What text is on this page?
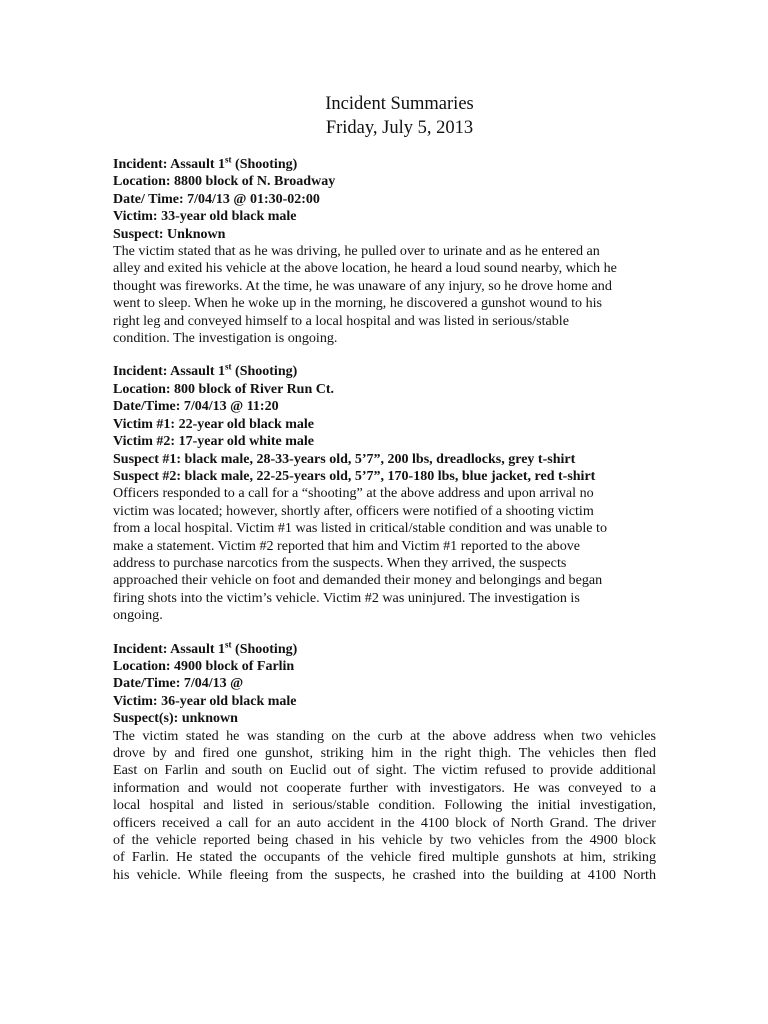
Incident Summaries

Friday, July 5, 2013

Incident: Assault 1st (Shooting)

Location: 8800 block of N. Broadway

Date/ Time: 7/04/13 @ 01:30-02:00

Victim: 33-year old black male

Suspect: Unknown

The victim stated that as he was driving, he pulled over to urinate and as he entered an
alley and exited his vehicle at the above location, he heard a loud sound nearby, which he
thought was fireworks. At the time, he was unaware of any injury, so he drove home and
went to sleep. When he woke up in the morning, he discovered a gunshot wound to his
right leg and conveyed himself to a local hospital and was listed in serious/stable
condition. The investigation is ongoing.

Incident: Assault 1st (Shooting)

Location: 800 block of River Run Ct.

Date/Time: 7/04/13 @ 11:20

Victim #1: 22-year old black male

Victim #2: 17-year old white male

Suspect #1: black male, 28-33-years old, 5’7”, 200 lbs, dreadlocks, grey t-shirt

Suspect #2: black male, 22-25-years old, 5’7”, 170-180 lbs, blue jacket, red t-shirt

Officers responded to a call for a “shooting” at the above address and upon arrival no
victim was located; however, shortly after, officers were notified of a shooting victim
from a local hospital. Victim #1 was listed in critical/stable condition and was unable to
make a statement. Victim #2 reported that him and Victim #1 reported to the above
address to purchase narcotics from the suspects. When they arrived, the suspects
approached their vehicle on foot and demanded their money and belongings and began
firing shots into the victim’s vehicle. Victim #2 was uninjured. The investigation is
ongoing.

Incident: Assault 1st (Shooting)

Location: 4900 block of Farlin

Date/Time: 7/04/13 @

Victim: 36-year old black male

Suspect(s): unknown

The victim stated he was standing on the curb at the above address when two vehicles
drove by and fired one gunshot, striking him in the right thigh. The vehicles then fled
East on Farlin and south on Euclid out of sight. The victim refused to provide additional
information and would not cooperate further with investigators. He was conveyed to a
local hospital and listed in serious/stable condition. Following the initial investigation,
officers received a call for an auto accident in the 4100 block of North Grand. The driver
of the vehicle reported being chased in his vehicle by two vehicles from the 4900 block
of Farlin. He stated the occupants of the vehicle fired multiple gunshots at him, striking
his vehicle. While fleeing from the suspects, he crashed into the building at 4100 North
